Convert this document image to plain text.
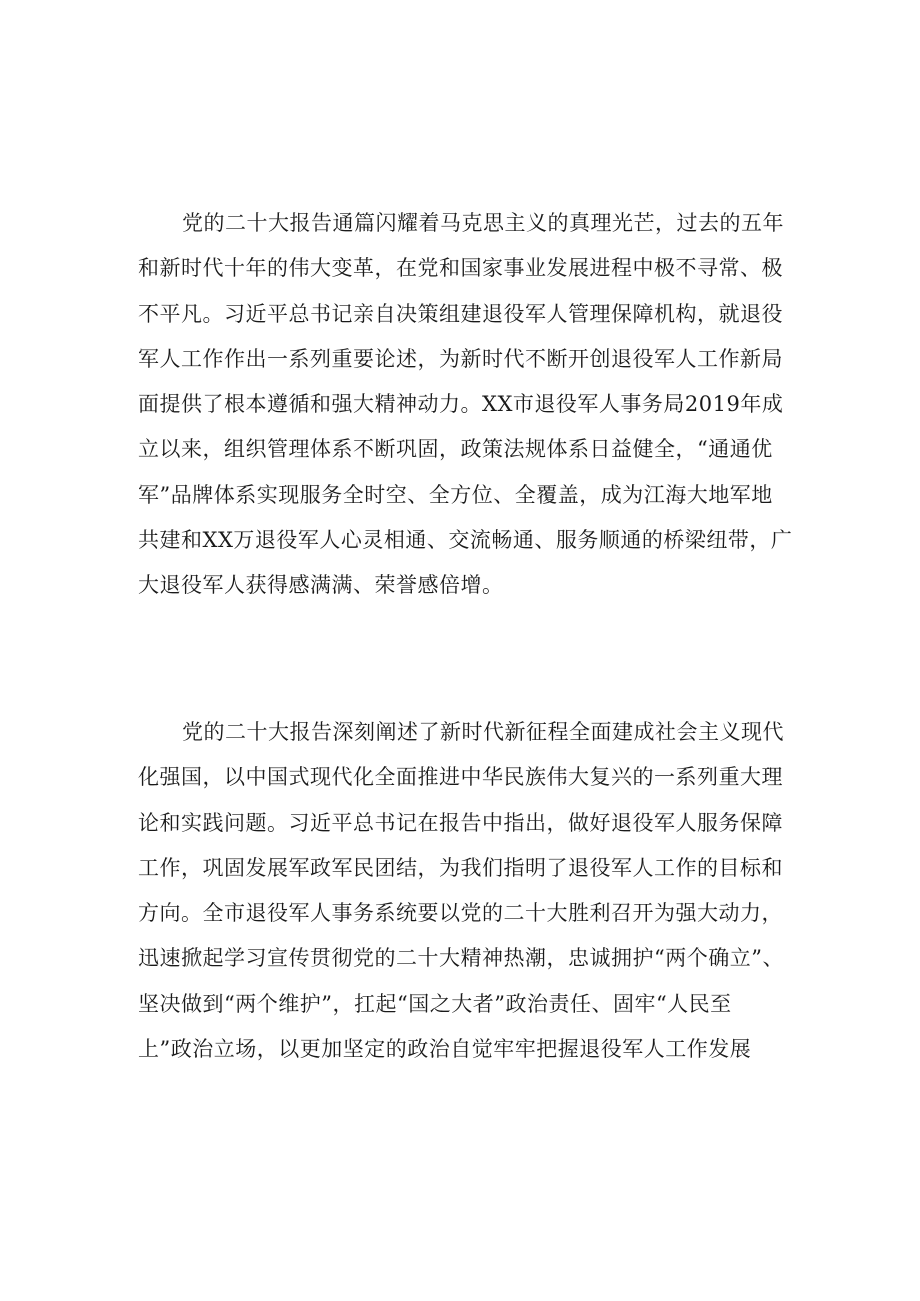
党的二十大报告通篇闪耀着马克思主义的真理光芒，过去的五年
和新时代十年的伟大变革，在党和国家事业发展进程中极不寻常、极
不平凡。习近平总书记亲自决策组建退役军人管理保障机构，就退役
军人工作作出一系列重要论述，为新时代不断开创退役军人工作新局
面提供了根本遵循和强大精神动力。XX市退役军人事务局2019年成
立以来，组织管理体系不断巩固，政策法规体系日益健全，“通通优
军”品牌体系实现服务全时空、全方位、全覆盖，成为江海大地军地
共建和XX万退役军人心灵相通、交流畅通、服务顺通的桥梁纽带，广
大退役军人获得感满满、荣誉感倍增。
党的二十大报告深刻阐述了新时代新征程全面建成社会主义现代
化强国，以中国式现代化全面推进中华民族伟大复兴的一系列重大理
论和实践问题。习近平总书记在报告中指出，做好退役军人服务保障
工作，巩固发展军政军民团结，为我们指明了退役军人工作的目标和
方向。全市退役军人事务系统要以党的二十大胜利召开为强大动力，
迅速掀起学习宣传贯彻党的二十大精神热潮，忠诚拥护“两个确立”、
坚决做到“两个维护”，扛起“国之大者”政治责任、固牢“人民至
上”政治立场，以更加坚定的政治自觉牢牢把握退役军人工作发展
